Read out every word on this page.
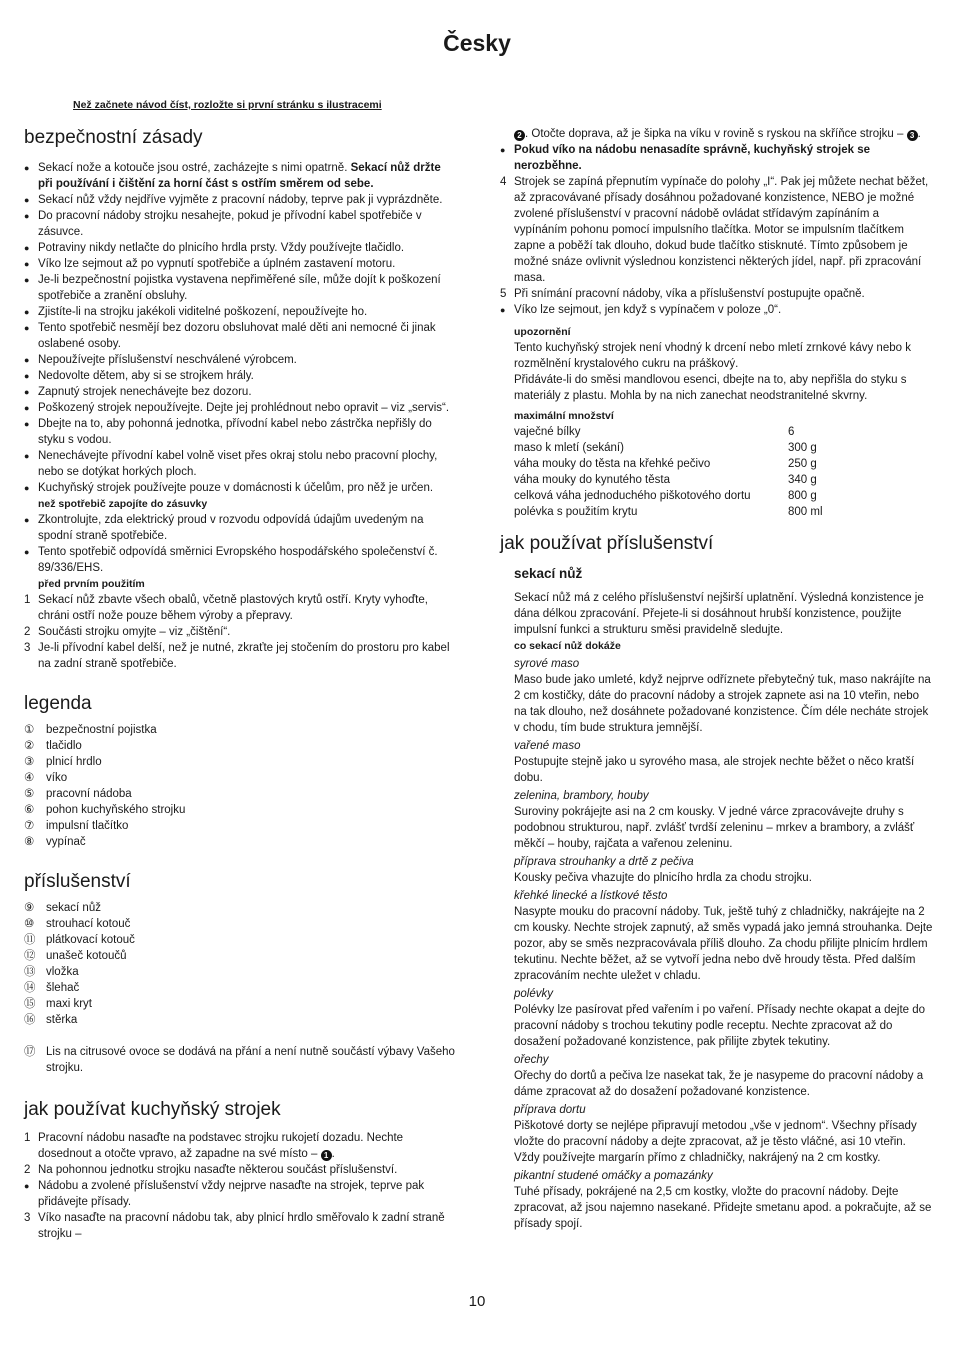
Česky
Než začnete návod číst, rozložte si první stránku s ilustracemi
bezpečnostní zásady
● Sekací nože a kotouče jsou ostré, zacházejte s nimi opatrně. Sekací nůž držte při používání i čištění za horní část s ostřím směrem od sebe.
● Sekací nůž vždy nejdříve vyjměte z pracovní nádoby, teprve pak ji vyprázdněte.
● Do pracovní nádoby strojku nesahejte, pokud je přívodní kabel spotřebiče v zásuvce.
● Potraviny nikdy netlačte do plnicího hrdla prsty. Vždy používejte tlačidlo.
● Víko lze sejmout až po vypnutí spotřebiče a úplném zastavení motoru.
● Je-li bezpečnostní pojistka vystavena nepřiměřené síle, může dojít k poškození spotřebiče a zranění obsluhy.
● Zjistíte-li na strojku jakékoli viditelné poškození, nepoužívejte ho.
● Tento spotřebič nesmějí bez dozoru obsluhovat malé děti ani nemocné či jinak oslabené osoby.
● Nepoužívejte příslušenství neschválené výrobcem.
● Nedovolte dětem, aby si se strojkem hrály.
● Zapnutý strojek nenechávejte bez dozoru.
● Poškozený strojek nepoužívejte. Dejte jej prohlédnout nebo opravit – viz „servis“.
● Dbejte na to, aby pohonná jednotka, přívodní kabel nebo zástrčka nepřišly do styku s vodou.
● Nenechávejte přívodní kabel volně viset přes okraj stolu nebo pracovní plochy, nebo se dotýkat horkých ploch.
● Kuchyňský strojek používejte pouze v domácnosti k účelům, pro něž je určen.
než spotřebič zapojíte do zásuvky
● Zkontrolujte, zda elektrický proud v rozvodu odpovídá údajům uvedeným na spodní straně spotřebiče.
● Tento spotřebič odpovídá směrnici Evropského hospodářského společenství č. 89/336/EHS.
před prvním použitím
1 Sekací nůž zbavte všech obalů, včetně plastových krytů ostří. Kryty vyhoďte, chráni ostří nože pouze během výroby a přepravy.
2 Součásti strojku omyjte – viz „čištění“.
3 Je-li přívodní kabel delší, než je nutné, zkraťte jej stočením do prostoru pro kabel na zadní straně spotřebiče.
legenda
① bezpečnostní pojistka
② tlačidlo
③ plnicí hrdlo
④ víko
⑤ pracovní nádoba
⑥ pohon kuchyňského strojku
⑦ impulsní tlačítko
⑧ vypínač
příslušenství
⑨ sekací nůž
⑩ strouhací kotouč
⑪ plátkovací kotouč
⑫ unašeč kotoučů
⑬ vložka
⑭ šlehač
⑮ maxi kryt
⑯ stěrka
⑰ Lis na citrusové ovoce se dodává na přání a není nutně součástí výbavy Vašeho strojku.
jak používat kuchyňský strojek
1 Pracovní nádobu nasaďte na podstavec strojku rukojetí dozadu. Nechte dosednout a otočte vpravo, až zapadne na své místo – 1 .
2 Na pohonnou jednotku strojku nasaďte některou součást příslušenství.
● Nádobu a zvolené příslušenství vždy nejprve nasaďte na strojek, teprve pak přidávejte přísady.
3 Víko nasaďte na pracovní nádobu tak, aby plnicí hrdlo směřovalo k zadní straně strojku –
2 . Otočte doprava, až je šipka na víku v rovině s ryskou na skříňce strojku – 3 .
● Pokud víko na nádobu nenasadíte správně, kuchyňský strojek se nerozběhne.
4 Strojek se zapíná přepnutím vypínače do polohy „I“. Pak jej můžete nechat běžet, až zpracovávané přísady dosáhnou požadované konzistence, NEBO je možné zvolené příslušenství v pracovní nádobě ovládat střídavým zapínáním a vypínáním pohonu pomocí impulsního tlačítka. Motor se impulsním tlačítkem zapne a poběží tak dlouho, dokud bude tlačítko stisknuté. Tímto způsobem je možné snáze ovlivnit výslednou konzistenci některých jídel, např. při zpracování masa.
5 Při snímání pracovní nádoby, víka a příslušenství postupujte opačně.
● Víko lze sejmout, jen když s vypínačem v poloze „0“.
upozornění
Tento kuchyňský strojek není vhodný k drcení nebo mletí zrnkové kávy nebo k rozmělnění krystalového cukru na práškový.
Přidáváte-li do směsi mandlovou esenci, dbejte na to, aby nepřišla do styku s materiály z plastu. Mohla by na nich zanechat neodstranitelné skvrny.
maximální množství
vaječné bílky	6
maso k mletí (sekání)	300 g
váha mouky do těsta na křehké pečivo	250 g
váha mouky do kynutého těsta	340 g
celková váha jednoduchého piškotového dortu	800 g
polévka s použitím krytu	800 ml
jak používat příslušenství
sekací nůž
Sekací nůž má z celého příslušenství nejširší uplatnění. Výsledná konzistence je dána délkou zpracování. Přejete-li si dosáhnout hrubší konzistence, použijte impulsní funkci a strukturu směsi pravidelně sledujte.
co sekací nůž dokáže
syrové maso
Maso bude jako umleté, když nejprve odříznete přebytečný tuk, maso nakrájíte na 2 cm kostičky, dáte do pracovní nádoby a strojek zapnete asi na 10 vteřin, nebo na tak dlouho, než dosáhnete požadované konzistence. Čím déle necháte strojek v chodu, tím bude struktura jemnější.
vařené maso
Postupujte stejně jako u syrového masa, ale strojek nechte běžet o něco kratší dobu.
zelenina, brambory, houby
Suroviny pokrájejte asi na 2 cm kousky. V jedné várce zpracovávejte druhy s podobnou strukturou, např. zvlášť tvrdší zeleninu – mrkev a brambory, a zvlášť měkčí – houby, rajčata a vařenou zeleninu.
příprava strouhanky a drtě z pečiva
Kousky pečiva vhazujte do plnicího hrdla za chodu strojku.
křehké linecké a lístkové těsto
Nasypte mouku do pracovní nádoby. Tuk, ještě tuhý z chladničky, nakrájejte na 2 cm kousky. Nechte strojek zapnutý, až směs vypadá jako jemná strouhanka. Dejte pozor, aby se směs nezpracovávala příliš dlouho. Za chodu přilijte plnicím hrdlem tekutinu. Nechte běžet, až se vytvoří jedna nebo dvě hroudy těsta. Před dalším zpracováním nechte uležet v chladu.
polévky
Polévky lze pasírovat před vařením i po vaření. Přísady nechte okapat a dejte do pracovní nádoby s trochou tekutiny podle receptu. Nechte zpracovat až do dosažení požadované konzistence, pak přilijte zbytek tekutiny.
ořechy
Ořechy do dortů a pečiva lze nasekat tak, že je nasypeme do pracovní nádoby a dáme zpracovat až do dosažení požadované konzistence.
příprava dortu
Piškotové dorty se nejlépe připravují metodou „vše v jednom“. Všechny přísady vložte do pracovní nádoby a dejte zpracovat, až je těsto vláčné, asi 10 vteřin. Vždy používejte margarín přímo z chladničky, nakrájený na 2 cm kostky.
pikantní studené omáčky a pomazánky
Tuhé přísady, pokrájené na 2,5 cm kostky, vložte do pracovní nádoby. Dejte zpracovat, až jsou najemno nasekané. Přidejte smetanu apod. a pokračujte, až se přísady spojí.
10
